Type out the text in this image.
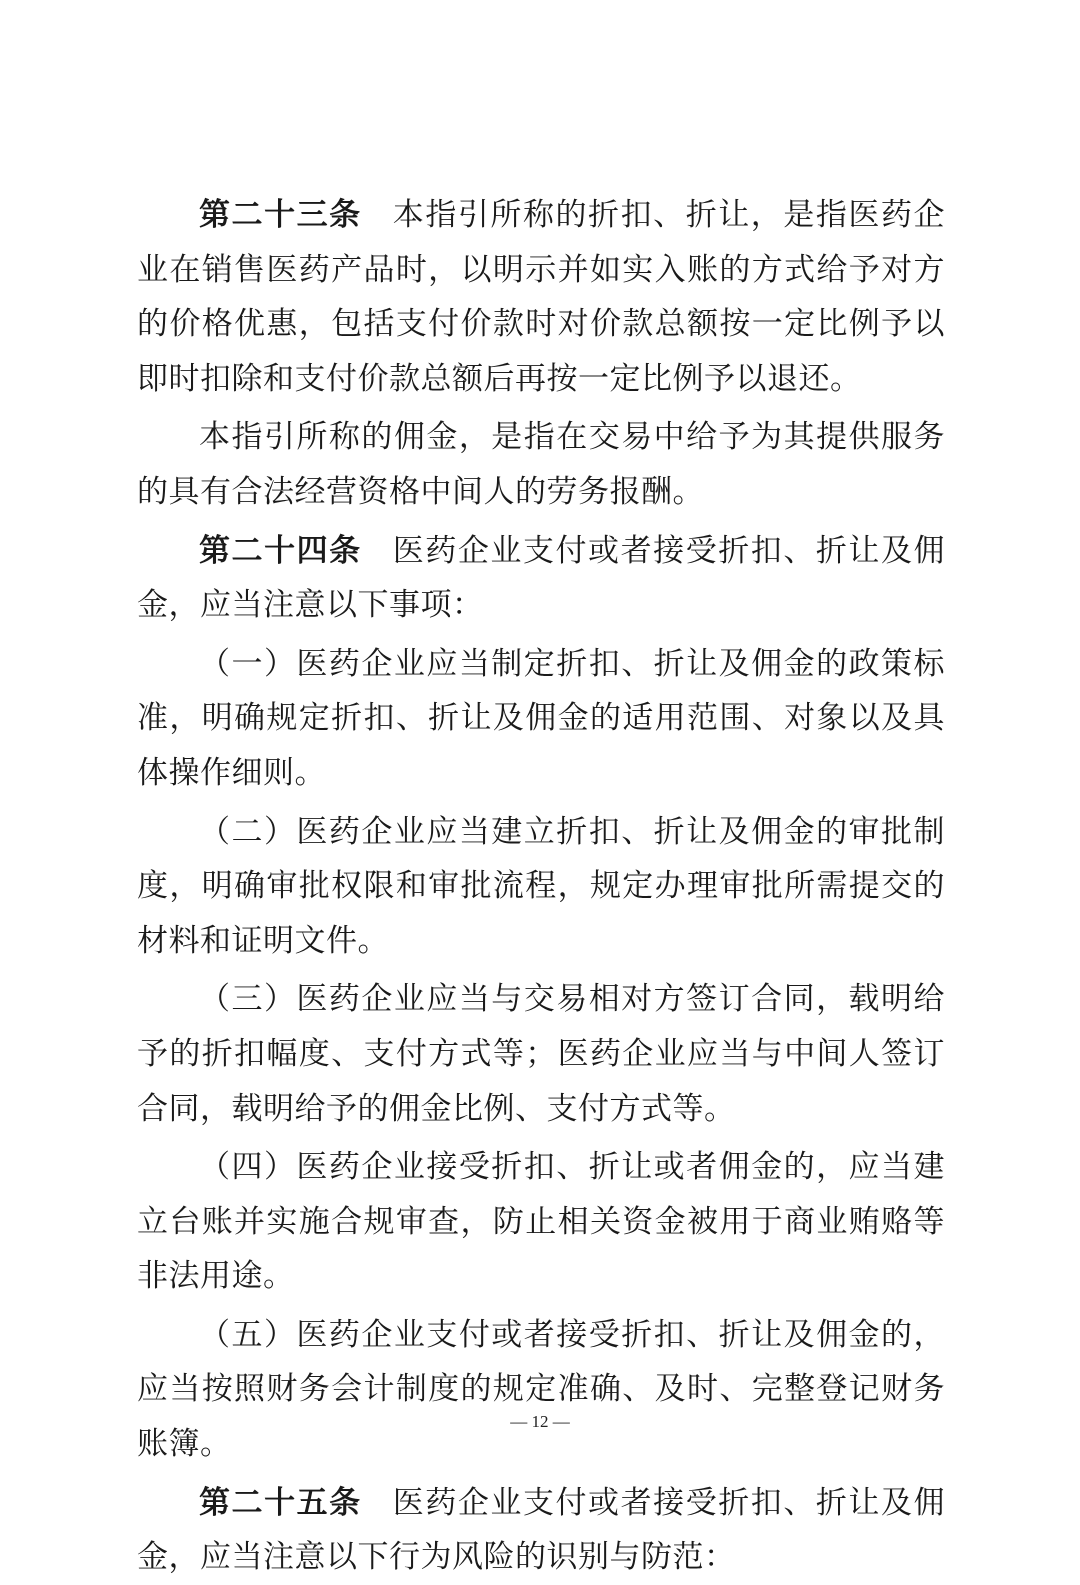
第二十三条 本指引所称的折扣、折让，是指医药企业在销售医药产品时，以明示并如实入账的方式给予对方的价格优惠，包括支付价款时对价款总额按一定比例予以即时扣除和支付价款总额后再按一定比例予以退还。

本指引所称的佣金，是指在交易中给予为其提供服务的具有合法经营资格中间人的劳务报酬。

第二十四条 医药企业支付或者接受折扣、折让及佣金，应当注意以下事项：

（一）医药企业应当制定折扣、折让及佣金的政策标准，明确规定折扣、折让及佣金的适用范围、对象以及具体操作细则。

（二）医药企业应当建立折扣、折让及佣金的审批制度，明确审批权限和审批流程，规定办理审批所需提交的材料和证明文件。

（三）医药企业应当与交易相对方签订合同，载明给予的折扣幅度、支付方式等；医药企业应当与中间人签订合同，载明给予的佣金比例、支付方式等。

（四）医药企业接受折扣、折让或者佣金的，应当建立台账并实施合规审查，防止相关资金被用于商业贿赂等非法用途。

（五）医药企业支付或者接受折扣、折让及佣金的，应当按照财务会计制度的规定准确、及时、完整登记财务账簿。

第二十五条 医药企业支付或者接受折扣、折让及佣金，应当注意以下行为风险的识别与防范：

— 12 —
